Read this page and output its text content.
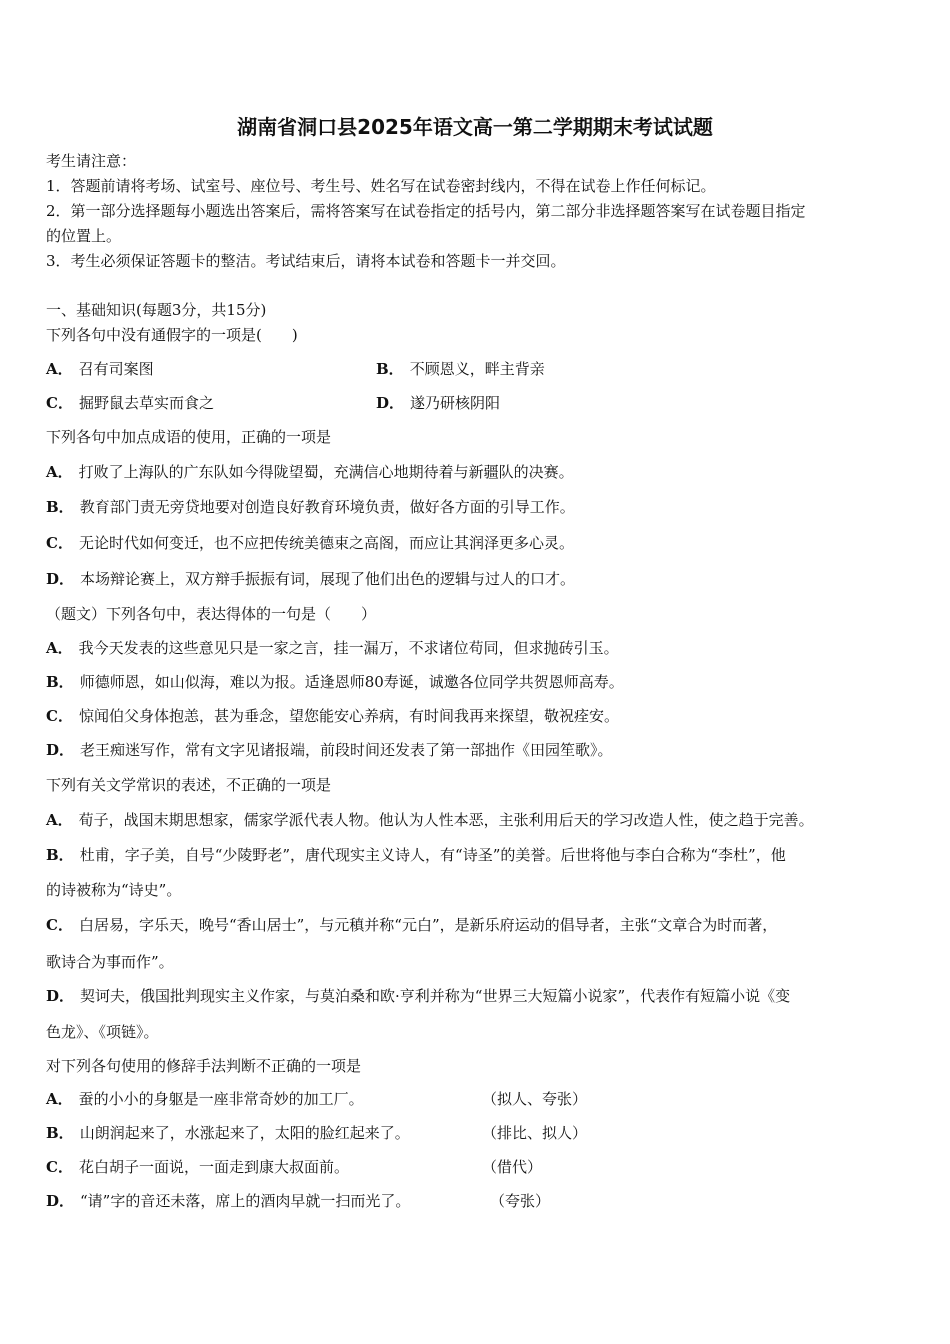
湖南省洞口县2025年语文高一第二学期期末考试试题
考生请注意：
1．答题前请将考场、试室号、座位号、考生号、姓名写在试卷密封线内，不得在试卷上作任何标记。
2．第一部分选择题每小题选出答案后，需将答案写在试卷指定的括号内，第二部分非选择题答案写在试卷题目指定
的位置上。
3．考生必须保证答题卡的整洁。考试结束后，请将本试卷和答题卡一并交回。
一、基础知识(每题3分，共15分)
下列各句中没有通假字的一项是(　　)
A． 召有司案图	B． 不顾恩义，畔主背亲
C． 掘野鼠去草实而食之	D． 遂乃研核阴阳
下列各句中加点成语的使用，正确的一项是
A． 打败了上海队的广东队如今得陇望蜀，充满信心地期待着与新疆队的决赛。
B． 教育部门责无旁贷地要对创造良好教育环境负责，做好各方面的引导工作。
C． 无论时代如何变迁，也不应把传统美德束之高阁，而应让其润泽更多心灵。
D． 本场辩论赛上，双方辩手振振有词，展现了他们出色的逻辑与过人的口才。
（题文）下列各句中，表达得体的一句是（　　）
A． 我今天发表的这些意见只是一家之言，挂一漏万，不求诸位苟同，但求抛砖引玉。
B． 师德师恩，如山似海，难以为报。适逢恩师80寿诞，诚邀各位同学共贺恩师高寿。
C． 惊闻伯父身体抱恙，甚为垂念，望您能安心养病，有时间我再来探望，敬祝痊安。
D． 老王痴迷写作，常有文字见诸报端，前段时间还发表了第一部拙作《田园笙歌》。
下列有关文学常识的表述，不正确的一项是
A． 荀子，战国末期思想家，儒家学派代表人物。他认为人性本恶，主张利用后天的学习改造人性，使之趋于完善。
B． 杜甫，字子美，自号“少陵野老”，唐代现实主义诗人，有“诗圣”的美誉。后世将他与李白合称为“李杜”，他
的诗被称为“诗史”。
C． 白居易，字乐天，晚号“香山居士”，与元稹并称“元白”，是新乐府运动的倡导者，主张“文章合为时而著，
歌诗合为事而作”。
D． 契诃夫，俄国批判现实主义作家，与莫泊桑和欧·亨利并称为“世界三大短篇小说家”，代表作有短篇小说《变
色龙》、《项链》。
对下列各句使用的修辞手法判断不正确的一项是
A． 蚕的小小的身躯是一座非常奇妙的加工厂。	（拟人、夸张）
B． 山朗润起来了，水涨起来了，太阳的脸红起来了。	（排比、拟人）
C． 花白胡子一面说，一面走到康大叔面前。	（借代）
D． “请”字的音还未落，席上的酒肉早就一扫而光了。	（夸张）
